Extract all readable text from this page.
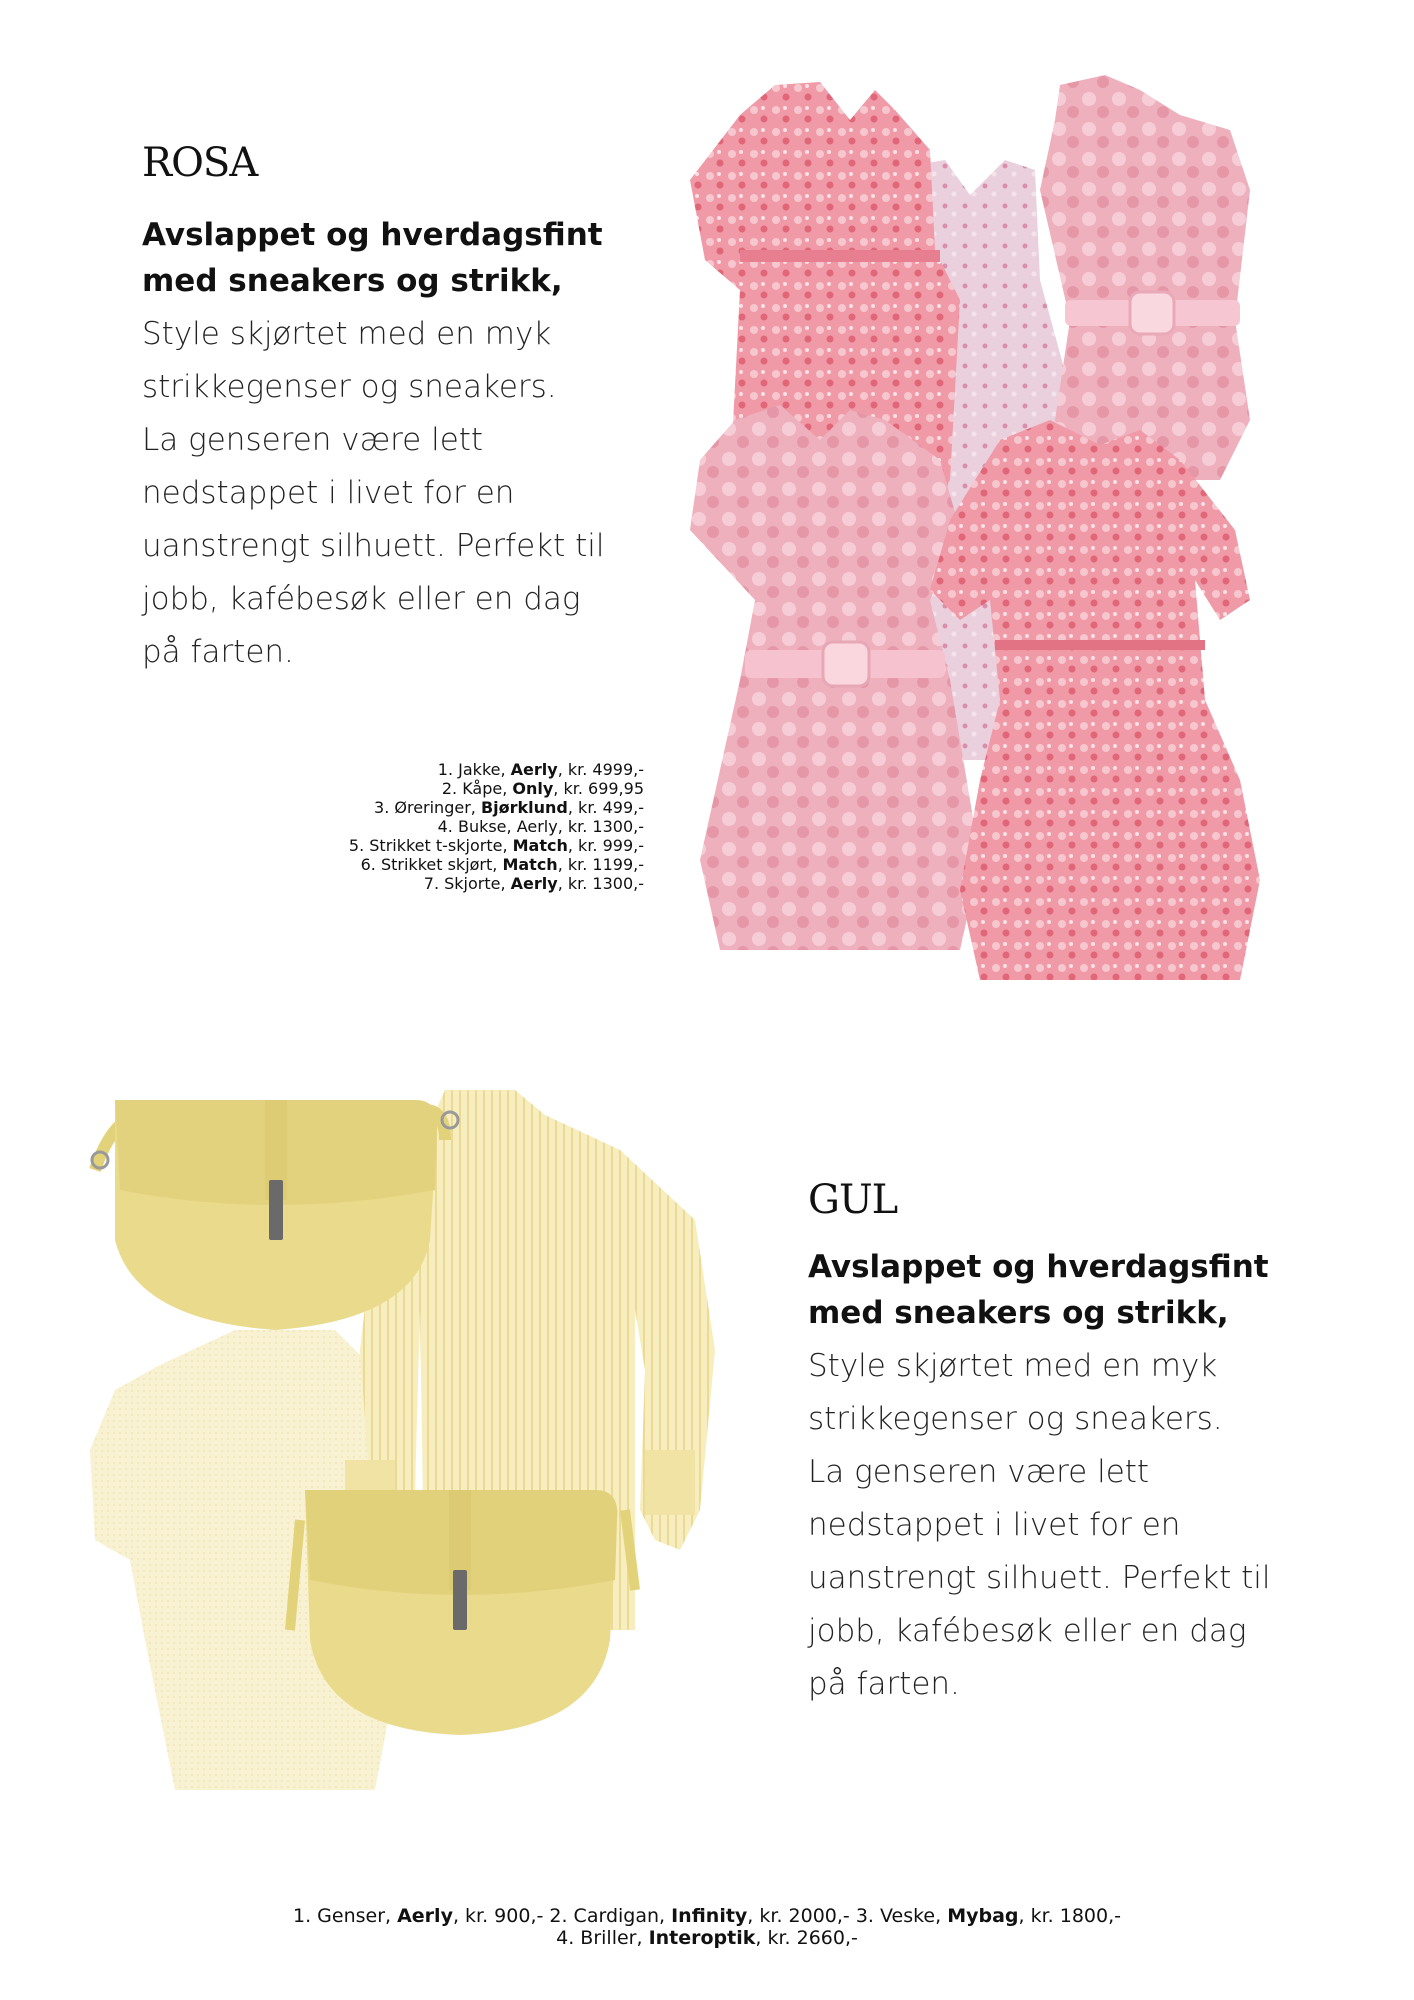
ROSA
Avslappet og hverdagsfint
med sneakers og strikk,
Style skjørtet med en myk
strikkegenser og sneakers.
La genseren være lett
nedstappet i livet for en
uanstrengt silhuett. Perfekt til
jobb, kafébesøk eller en dag
på farten.
1. Jakke, Aerly, kr. 4999,-
2. Kåpe, Only, kr. 699,95
3. Øreringer, Bjørklund, kr. 499,-
4. Bukse, Aerly, kr. 1300,-
5. Strikket t-skjorte, Match, kr. 999,-
6. Strikket skjørt, Match, kr. 1199,-
7. Skjorte, Aerly, kr. 1300,-
GUL
Avslappet og hverdagsfint
med sneakers og strikk,
Style skjørtet med en myk
strikkegenser og sneakers.
La genseren være lett
nedstappet i livet for en
uanstrengt silhuett. Perfekt til
jobb, kafébesøk eller en dag
på farten.
1. Genser, Aerly, kr. 900,- 2. Cardigan, Infinity, kr. 2000,- 3. Veske, Mybag, kr. 1800,-
4. Briller, Interoptik, kr. 2660,-
